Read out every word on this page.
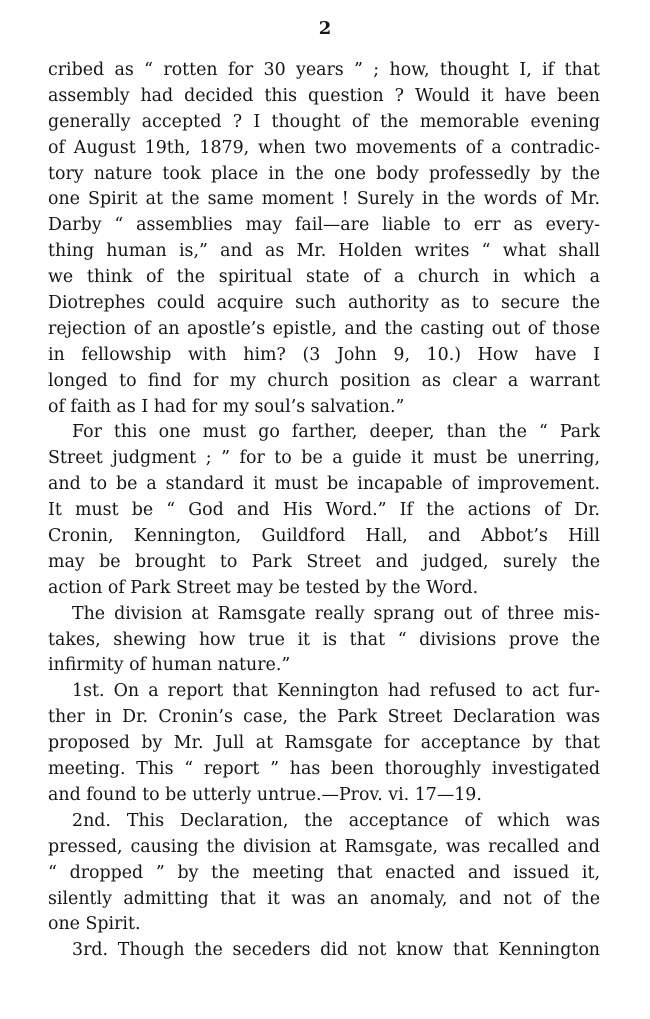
2
cribed as “ rotten for 30 years ” ; how, thought I, if that
assembly had decided this question ? Would it have been
generally accepted ? I thought of the memorable evening
of August 19th, 1879, when two movements of a contradic-
tory nature took place in the one body professedly by the
one Spirit at the same moment ! Surely in the words of Mr.
Darby “ assemblies may fail—are liable to err as every-
thing human is,” and as Mr. Holden writes “ what shall
we think of the spiritual state of a church in which a
Diotrephes could acquire such authority as to secure the
rejection of an apostle’s epistle, and the casting out of those
in fellowship with him? (3 John 9, 10.) How have I
longed to find for my church position as clear a warrant
of faith as I had for my soul’s salvation.”
For this one must go farther, deeper, than the “ Park
Street judgment ; ” for to be a guide it must be unerring,
and to be a standard it must be incapable of improvement.
It must be “ God and His Word.” If the actions of Dr.
Cronin, Kennington, Guildford Hall, and Abbot’s Hill
may be brought to Park Street and judged, surely the
action of Park Street may be tested by the Word.
The division at Ramsgate really sprang out of three mis-
takes, shewing how true it is that “ divisions prove the
infirmity of human nature.”
1st. On a report that Kennington had refused to act fur-
ther in Dr. Cronin’s case, the Park Street Declaration was
proposed by Mr. Jull at Ramsgate for acceptance by that
meeting. This “ report ” has been thoroughly investigated
and found to be utterly untrue.—Prov. vi. 17—19.
2nd. This Declaration, the acceptance of which was
pressed, causing the division at Ramsgate, was recalled and
“ dropped ” by the meeting that enacted and issued it,
silently admitting that it was an anomaly, and not of the
one Spirit.
3rd. Though the seceders did not know that Kennington
